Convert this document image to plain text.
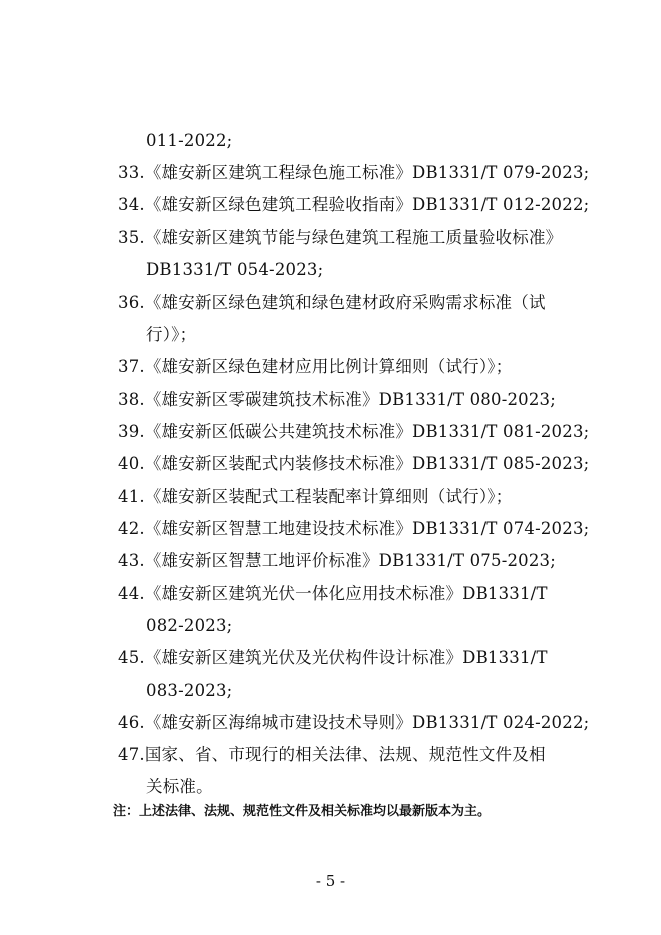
011-2022;
33.《雄安新区建筑工程绿色施工标准》DB1331/T 079-2023;
34.《雄安新区绿色建筑工程验收指南》DB1331/T 012-2022;
35.《雄安新区建筑节能与绿色建筑工程施工质量验收标准》
DB1331/T 054-2023;
36.《雄安新区绿色建筑和绿色建材政府采购需求标准（试
行）》；
37.《雄安新区绿色建材应用比例计算细则（试行）》；
38.《雄安新区零碳建筑技术标准》DB1331/T 080-2023;
39.《雄安新区低碳公共建筑技术标准》DB1331/T 081-2023;
40.《雄安新区装配式内装修技术标准》DB1331/T 085-2023;
41.《雄安新区装配式工程装配率计算细则（试行）》；
42.《雄安新区智慧工地建设技术标准》DB1331/T 074-2023;
43.《雄安新区智慧工地评价标准》DB1331/T 075-2023;
44.《雄安新区建筑光伏一体化应用技术标准》DB1331/T
082-2023;
45.《雄安新区建筑光伏及光伏构件设计标准》DB1331/T
083-2023;
46.《雄安新区海绵城市建设技术导则》DB1331/T 024-2022;
47.国家、省、市现行的相关法律、法规、规范性文件及相
关标准。
注：上述法律、法规、规范性文件及相关标准均以最新版本为主。
- 5 -
